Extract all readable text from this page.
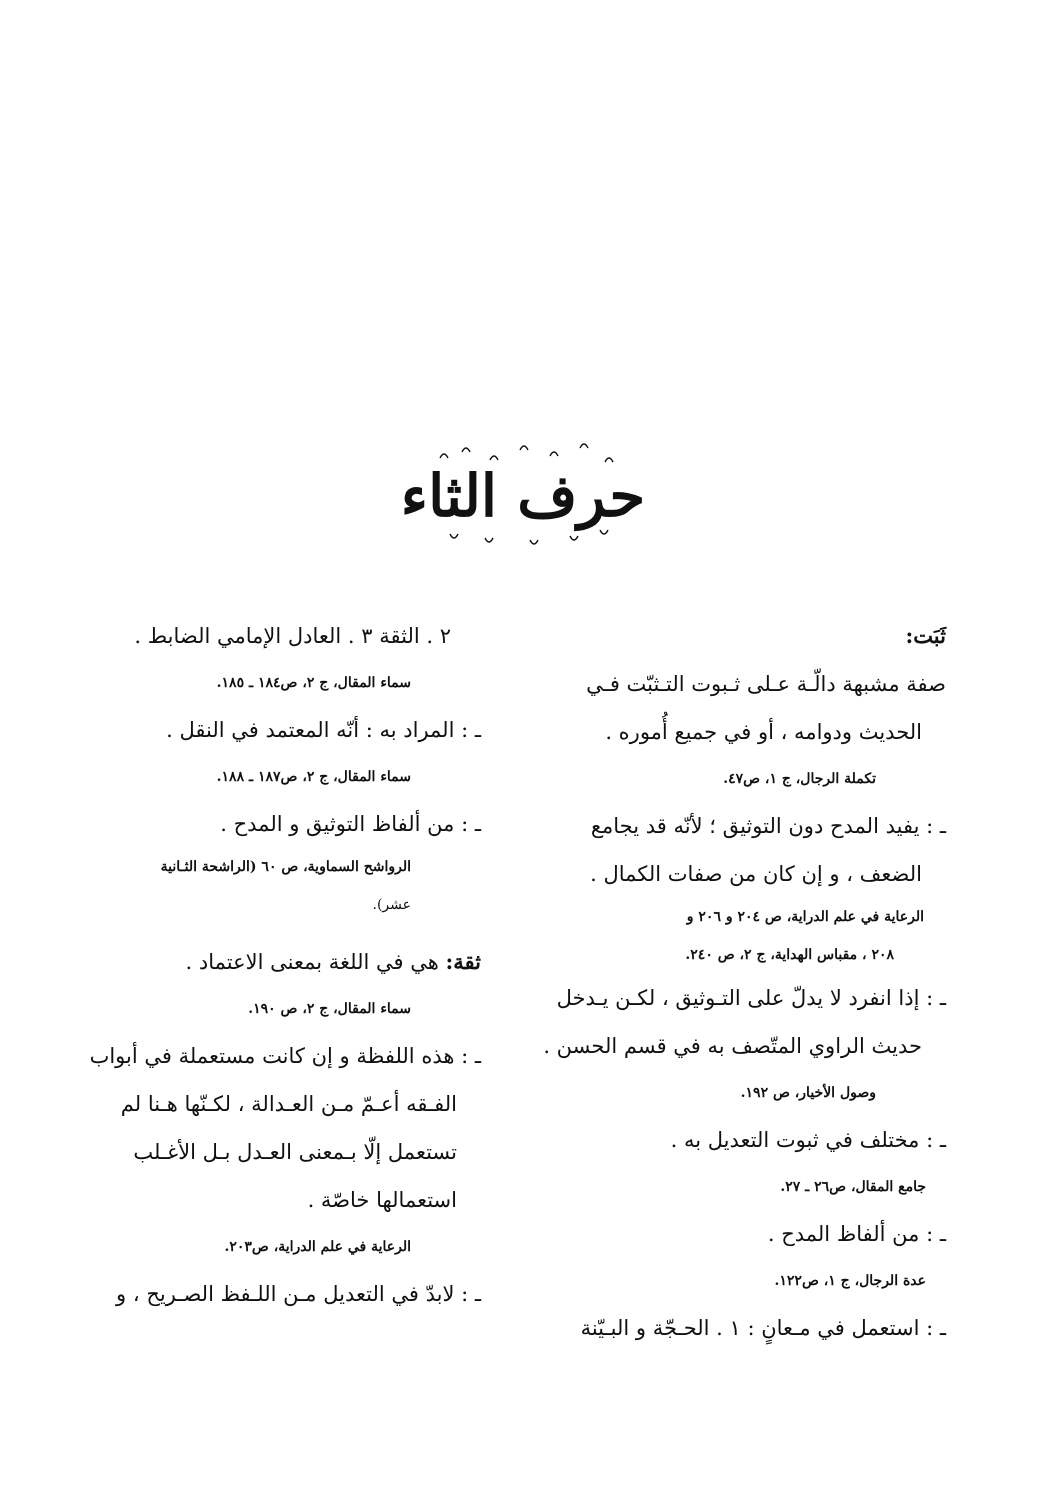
حرف الثاء
ثَبَت:
صفة مشبهة دالّـة عـلى ثـبوت التـثبّت فـي
الحديث ودوامه ، أو في جميع أُموره .
تكملة الرجال، ج ١، ص٤٧.
ـ : يفيد المدح دون التوثيق ؛ لأنّه قد يجامع
الضعف ، و إن كان من صفات الكمال .
الرعاية في علم الدراية، ص ٢٠٤ و ٢٠٦ و
٢٠٨ ، مقباس الهداية، ج ٢، ص ٢٤٠.
ـ : إذا انفرد لا يدلّ على التـوثيق ، لكـن يـدخل
حديث الراوي المتّصف به في قسم الحسن .
وصول الأخيار، ص ١٩٢.
ـ : مختلف في ثبوت التعديل به .
جامع المقال، ص٢٦ ـ ٢٧.
ـ : من ألفاظ المدح .
عدة الرجال، ج ١، ص١٢٢.
ـ : استعمل في مـعانٍ : ١ . الحـجّة و البـيّنة
٢ . الثقة ٣ . العادل الإمامي الضابط .
سماء المقال، ج ٢، ص١٨٤ ـ ١٨٥.
ـ : المراد به : أنّه المعتمد في النقل .
سماء المقال، ج ٢، ص١٨٧ ـ ١٨٨.
ـ : من ألفاظ التوثيق و المدح .
الرواشح السماوية، ص ٦٠ (الراشحة الثـانية
عشر).
ثقة: هي في اللغة بمعنى الاعتماد .
سماء المقال، ج ٢، ص ١٩٠.
ـ : هذه اللفظة و إن كانت مستعملة في أبواب
الفـقه أعـمّ مـن العـدالة ، لكـنّها هـنا لم
تستعمل إلّا بـمعنى العـدل بـل الأغـلب
استعمالها خاصّة .
الرعاية في علم الدراية، ص٢٠٣.
ـ : لابدّ في التعديل مـن اللـفظ الصـريح ، و
